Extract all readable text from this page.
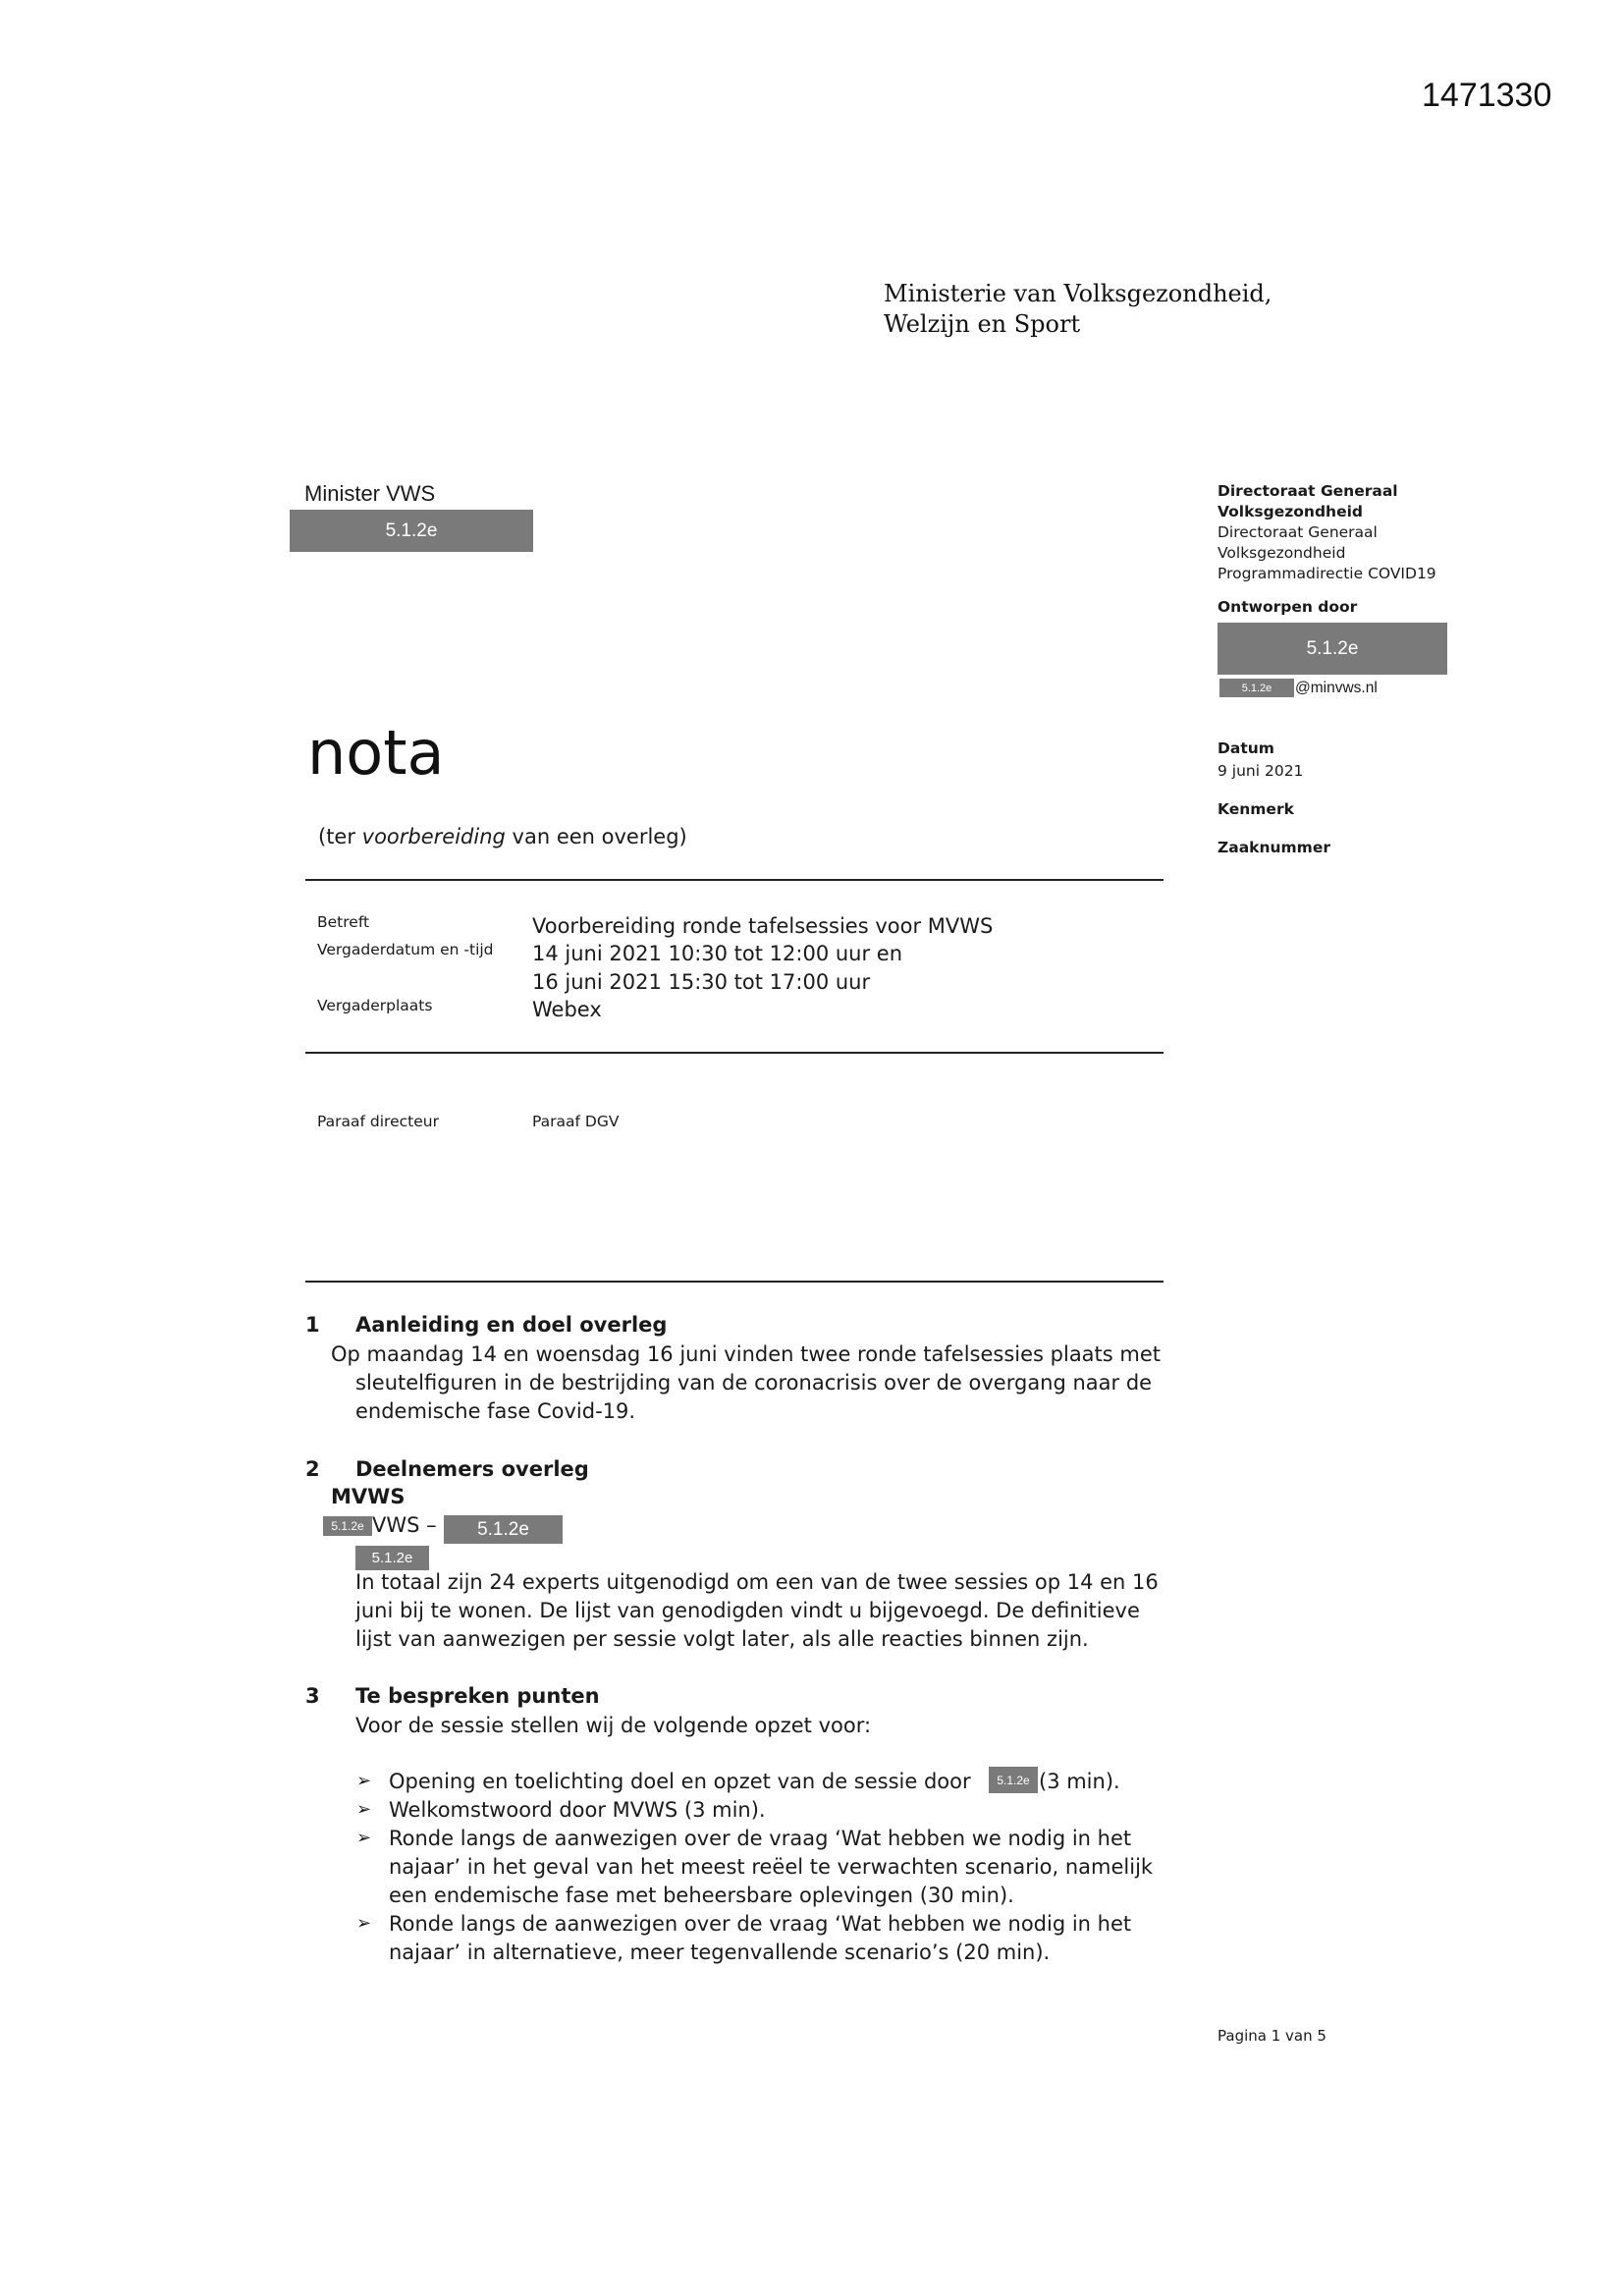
1471330
Ministerie van Volksgezondheid,
Welzijn en Sport
Minister VWS
5.1.2e
Directoraat Generaal
Volksgezondheid
Directoraat Generaal
Volksgezondheid
Programmadirectie COVID19
Ontworpen door
5.1.2e
5.1.2e	@minvws.nl
Datum
9 juni 2021
Kenmerk
Zaaknummer
nota
(ter voorbereiding van een overleg)
Betreft	Voorbereiding ronde tafelsessies voor MVWS
Vergaderdatum en -tijd 14 juni 2021 10:30 tot 12:00 uur en
16 juni 2021 15:30 tot 17:00 uur
Vergaderplaats	Webex
Paraaf directeur	Paraaf DGV
1 Aanleiding en doel overleg
Op maandag 14 en woensdag 16 juni vinden twee ronde tafelsessies plaats met
sleutelfiguren in de bestrijding van de coronacrisis over de overgang naar de
endemische fase Covid-19.
2 Deelnemers overleg
MVWS
5.1.2e VWS –	5.1.2e
5.1.2e
In totaal zijn 24 experts uitgenodigd om een van de twee sessies op 14 en 16
juni bij te wonen. De lijst van genodigden vindt u bijgevoegd. De definitieve
lijst van aanwezigen per sessie volgt later, als alle reacties binnen zijn.
3 Te bespreken punten
Voor de sessie stellen wij de volgende opzet voor:
➢ Opening en toelichting doel en opzet van de sessie door	5.1.2e (3 min).
➢ Welkomstwoord door MVWS (3 min).
➢ Ronde langs de aanwezigen over de vraag ‘Wat hebben we nodig in het
najaar’ in het geval van het meest reëel te verwachten scenario, namelijk
een endemische fase met beheersbare oplevingen (30 min).
➢ Ronde langs de aanwezigen over de vraag ‘Wat hebben we nodig in het
najaar’ in alternatieve, meer tegenvallende scenario’s (20 min).
Pagina 1 van 5
